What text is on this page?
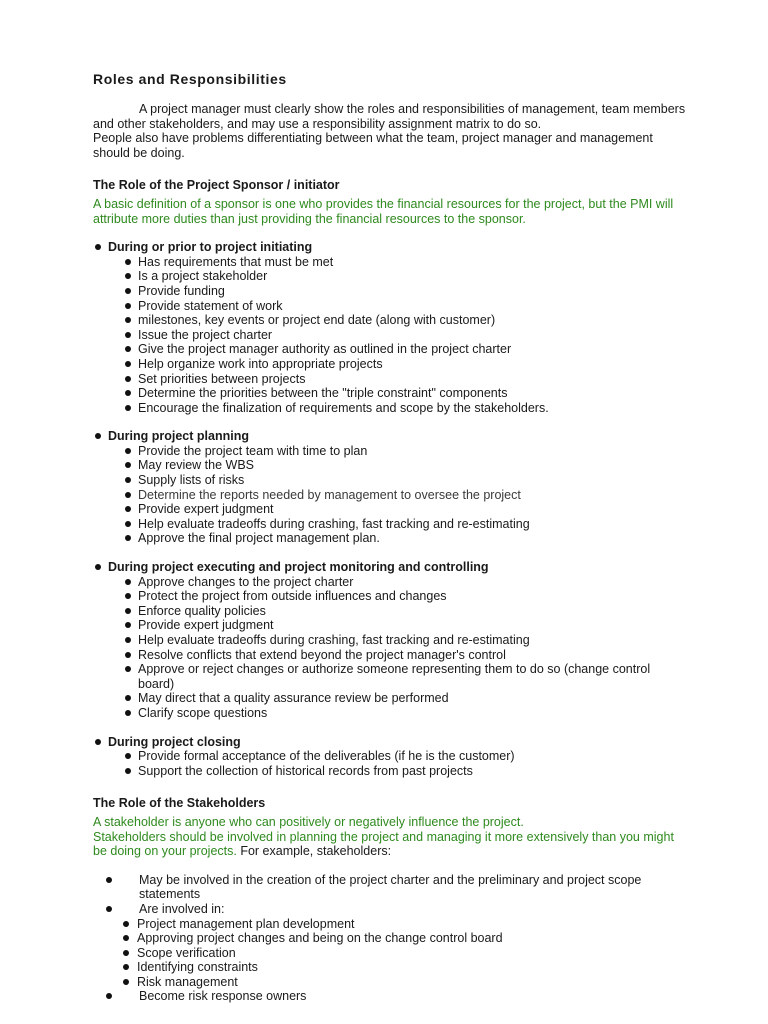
Roles and Responsibilities

A project manager must clearly show the roles and responsibilities of management, team members and other stakeholders, and may use a responsibility assignment matrix to do so.

People also have problems differentiating between what the team, project manager and management should be doing.

The Role of the Project Sponsor / initiator

A basic definition of a sponsor is one who provides the financial resources for the project, but the PMI will attribute more duties than just providing the financial resources to the sponsor.

During or prior to project initiating
Has requirements that must be met
Is a project stakeholder
Provide funding
Provide statement of work
milestones, key events or project end date (along with customer)
Issue the project charter
Give the project manager authority as outlined in the project charter
Help organize work into appropriate projects
Set priorities between projects
Determine the priorities between the "triple constraint" components
Encourage the finalization of requirements and scope by the stakeholders.
During project planning
Provide the project team with time to plan
May review the WBS
Supply lists of risks
Determine the reports needed by management to oversee the project
Provide expert judgment
Help evaluate tradeoffs during crashing, fast tracking and re-estimating
Approve the final project management plan.
During project executing and project monitoring and controlling
Approve changes to the project charter
Protect the project from outside influences and changes
Enforce quality policies
Provide expert judgment
Help evaluate tradeoffs during crashing, fast tracking and re-estimating
Resolve conflicts that extend beyond the project manager's control
Approve or reject changes or authorize someone representing them to do so (change control board)
May direct that a quality assurance review be performed
Clarify scope questions
During project closing
Provide formal acceptance of the deliverables (if he is the customer)
Support the collection of historical records from past projects
The Role of the Stakeholders

A stakeholder is anyone who can positively or negatively influence the project.

Stakeholders should be involved in planning the project and managing it more extensively than you might be doing on your projects. For example, stakeholders:

May be involved in the creation of the project charter and the preliminary and project scope statements
Are involved in:
Project management plan development
Approving project changes and being on the change control board
Scope verification
Identifying constraints
Risk management
Become risk response owners
